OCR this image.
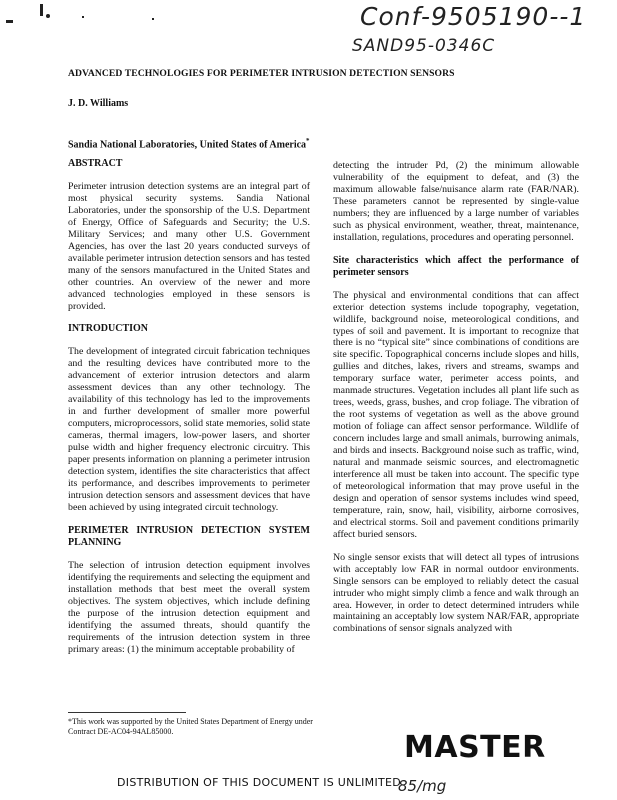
Conf-9505190--1
SAND95-0346C
ADVANCED TECHNOLOGIES FOR PERIMETER INTRUSION DETECTION SENSORS
J. D. Williams
Sandia National Laboratories, United States of America*
ABSTRACT

Perimeter intrusion detection systems are an integral part of most physical security systems. Sandia National Laboratories, under the sponsorship of the U.S. Department of Energy, Office of Safeguards and Security; the U.S. Military Services; and many other U.S. Government Agencies, has over the last 20 years conducted surveys of available perimeter intrusion detection sensors and has tested many of the sensors manufactured in the United States and other countries. An overview of the newer and more advanced technologies employed in these sensors is provided.

INTRODUCTION

The development of integrated circuit fabrication techniques and the resulting devices have contributed more to the advancement of exterior intrusion detectors and alarm assessment devices than any other technology. The availability of this technology has led to the improvements in and further development of smaller more powerful computers, microprocessors, solid state memories, solid state cameras, thermal imagers, low-power lasers, and shorter pulse width and higher frequency electronic circuitry. This paper presents information on planning a perimeter intrusion detection system, identifies the site characteristics that affect its performance, and describes improvements to perimeter intrusion detection sensors and assessment devices that have been achieved by using integrated circuit technology.

PERIMETER INTRUSION DETECTION SYSTEM PLANNING

The selection of intrusion detection equipment involves identifying the requirements and selecting the equipment and installation methods that best meet the overall system objectives. The system objectives, which include defining the purpose of the intrusion detection equipment and identifying the assumed threats, should quantify the requirements of the intrusion detection system in three primary areas: (1) the minimum acceptable probability of

detecting the intruder Pd, (2) the minimum allowable vulnerability of the equipment to defeat, and (3) the maximum allowable false/nuisance alarm rate (FAR/NAR). These parameters cannot be represented by single-value numbers; they are influenced by a large number of variables such as physical environment, weather, threat, maintenance, installation, regulations, procedures and operating personnel.

Site characteristics which affect the performance of perimeter sensors

The physical and environmental conditions that can affect exterior detection systems include topography, vegetation, wildlife, background noise, meteorological conditions, and types of soil and pavement. It is important to recognize that there is no “typical site” since combinations of conditions are site specific. Topographical concerns include slopes and hills, gullies and ditches, lakes, rivers and streams, swamps and temporary surface water, perimeter access points, and manmade structures. Vegetation includes all plant life such as trees, weeds, grass, bushes, and crop foliage. The vibration of the root systems of vegetation as well as the above ground motion of foliage can affect sensor performance. Wildlife of concern includes large and small animals, burrowing animals, and birds and insects. Background noise such as traffic, wind, natural and manmade seismic sources, and electromagnetic interference all must be taken into account. The specific type of meteorological information that may prove useful in the design and operation of sensor systems includes wind speed, temperature, rain, snow, hail, visibility, airborne corrosives, and electrical storms. Soil and pavement conditions primarily affect buried sensors.

No single sensor exists that will detect all types of intrusions with acceptably low FAR in normal outdoor environments. Single sensors can be employed to reliably detect the casual intruder who might simply climb a fence and walk through an area. However, in order to detect determined intruders while maintaining an acceptably low system NAR/FAR, appropriate combinations of sensor signals analyzed with

*This work was supported by the United States Department of Energy under Contract DE-AC04-94AL85000.	MASTER
DISTRIBUTION OF THIS DOCUMENT IS UNLIMITED
85/mg
